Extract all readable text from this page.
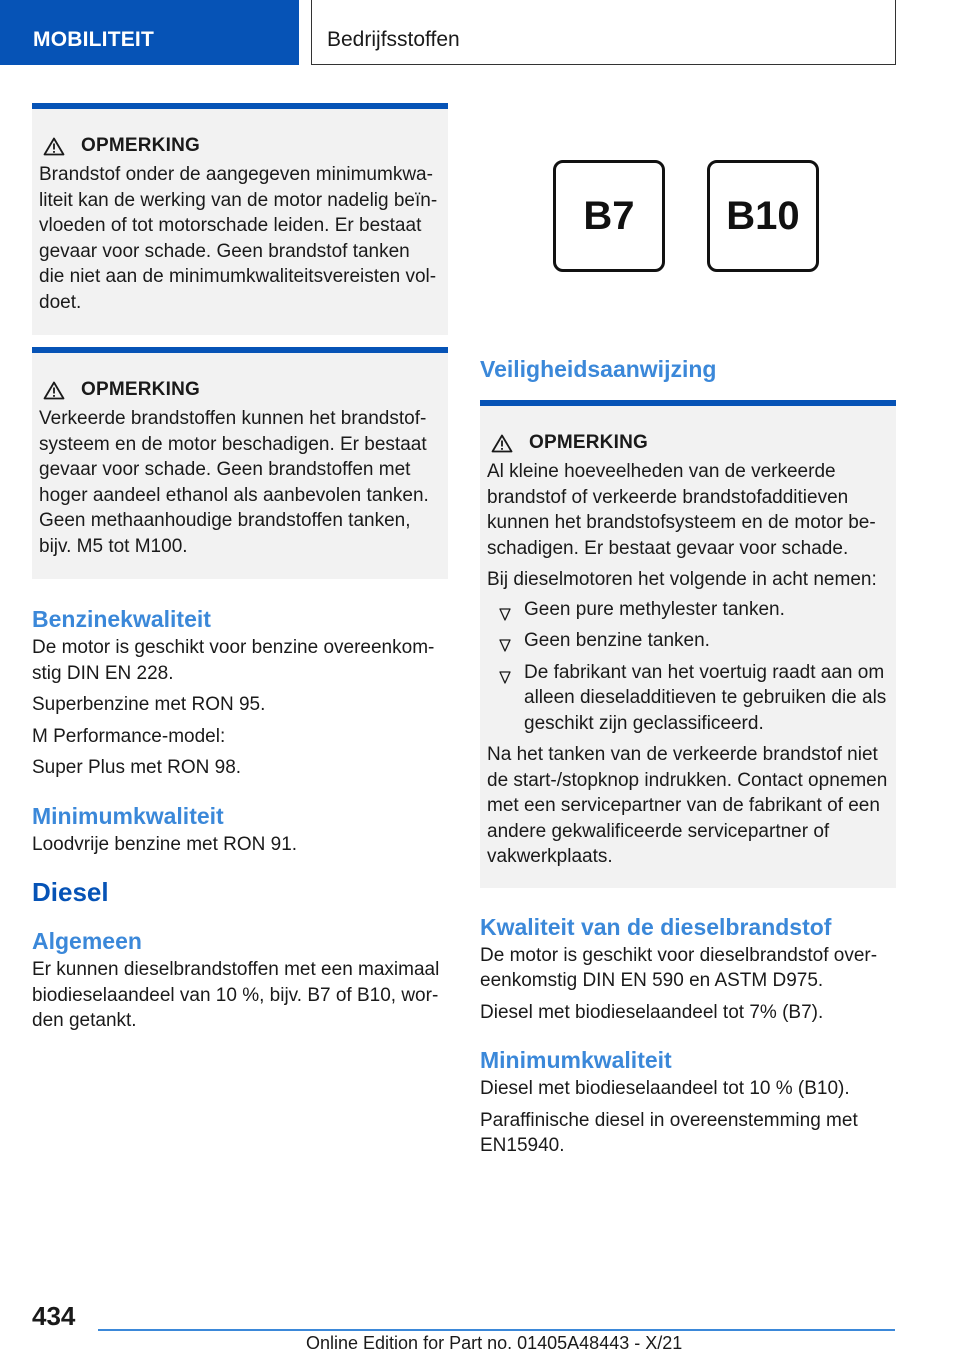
MOBILITEIT	Bedrijfsstoffen
OPMERKING

Brandstof onder de aangegeven minimumkwaliteit kan de werking van de motor nadelig beïnvloeden of tot motorschade leiden. Er bestaat gevaar voor schade. Geen brandstof tanken die niet aan de minimumkwaliteitsvereisten voldoet.

OPMERKING

Verkeerde brandstoffen kunnen het brandstofsysteem en de motor beschadigen. Er bestaat gevaar voor schade. Geen brandstoffen met hoger aandeel ethanol als aanbevolen tanken. Geen methaanhoudige brandstoffen tanken, bijv. M5 tot M100.

Benzinekwaliteit

De motor is geschikt voor benzine overeenkomstig DIN EN 228.

Superbenzine met RON 95.

M Performance-model:

Super Plus met RON 98.

Minimumkwaliteit

Loodvrije benzine met RON 91.

Diesel
Algemeen

Er kunnen dieselbrandstoffen met een maximaal biodieselaandeel van 10 %, bijv. B7 of B10, worden getankt.

B7	B10
Veiligheidsaanwijzing
OPMERKING

Al kleine hoeveelheden van de verkeerde brandstof of verkeerde brandstofadditieven kunnen het brandstofsysteem en de motor beschadigen. Er bestaat gevaar voor schade.

Bij dieselmotoren het volgende in acht nemen:

Geen pure methylester tanken.
Geen benzine tanken.
De fabrikant van het voertuig raadt aan om alleen dieseladditieven te gebruiken die als geschikt zijn geclassificeerd.

Na het tanken van de verkeerde brandstof niet de start-/stopknop indrukken. Contact opnemen met een servicepartner van de fabrikant of een andere gekwalificeerde servicepartner of vakwerkplaats.

Kwaliteit van de dieselbrandstof

De motor is geschikt voor dieselbrandstof overeenkomstig DIN EN 590 en ASTM D975.

Diesel met biodieselaandeel tot 7% (B7).

Minimumkwaliteit

Diesel met biodieselaandeel tot 10 % (B10).

Paraffinische diesel in overeenstemming met EN15940.

434
Online Edition for Part no. 01405A48443 - X/21
